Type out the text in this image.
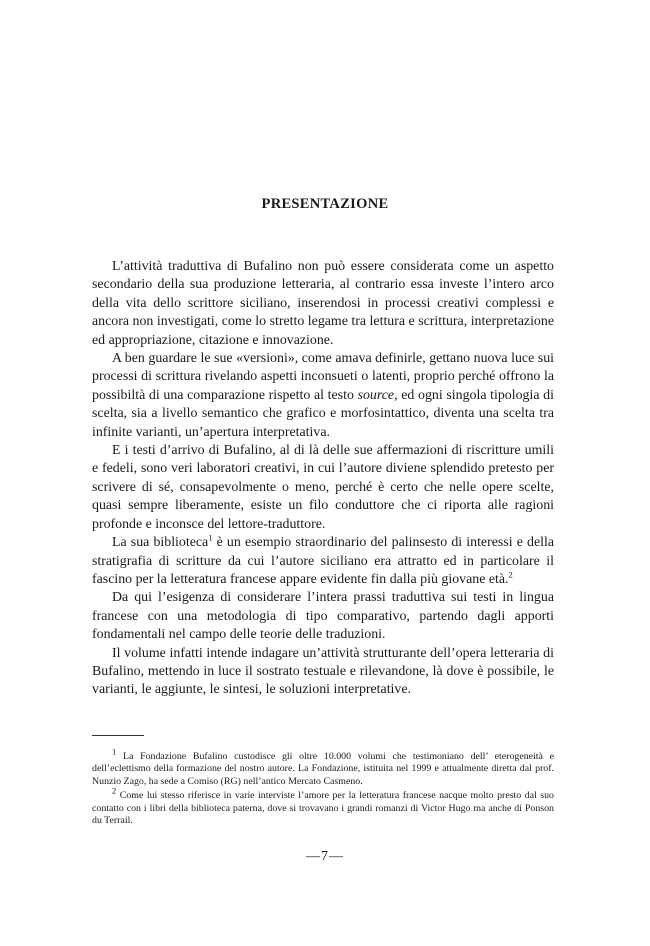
PRESENTAZIONE

L’attività traduttiva di Bufalino non può essere considerata come un aspetto secondario della sua produzione letteraria, al contrario essa investe l’intero arco della vita dello scrittore siciliano, inserendosi in processi creativi complessi e ancora non investigati, come lo stretto legame tra lettura e scrittura, interpretazione ed appropriazione, citazione e innovazione.

A ben guardare le sue «versioni», come amava definirle, gettano nuova luce sui processi di scrittura rivelando aspetti inconsueti o latenti, proprio perché offrono la possibiltà di una comparazione rispetto al testo source, ed ogni singola tipologia di scelta, sia a livello semantico che grafico e morfosintattico, diventa una scelta tra infinite varianti, un’apertura interpretativa.

E i testi d’arrivo di Bufalino, al di là delle sue affermazioni di riscritture umili e fedeli, sono veri laboratori creativi, in cui l’autore diviene splendido pretesto per scrivere di sé, consapevolmente o meno, perché è certo che nelle opere scelte, quasi sempre liberamente, esiste un filo conduttore che ci riporta alle ragioni profonde e inconsce del lettore-traduttore.

La sua biblioteca$^1$ è un esempio straordinario del palinsesto di interessi e della stratigrafia di scritture da cui l’autore siciliano era attratto ed in particolare il fascino per la letteratura francese appare evidente fin dalla più giovane età.$^2$

Da qui l’esigenza di considerare l’intera prassi traduttiva sui testi in lingua francese con una metodologia di tipo comparativo, partendo dagli apporti fondamentali nel campo delle teorie delle traduzioni.

Il volume infatti intende indagare un’attività strutturante dell’opera letteraria di Bufalino, mettendo in luce il sostrato testuale e rilevandone, là dove è possibile, le varianti, le aggiunte, le sintesi, le soluzioni interpretative.

$^1$ La Fondazione Bufalino custodisce gli oltre 10.000 volumi che testimoniano dell’ eterogeneità e dell’eclettismo della formazione del nostro autore. La Fondazione, istituita nel 1999 e attualmente diretta dal prof. Nunzio Zago, ha sede a Comiso (RG) nell’antico Mercato Casmeno.

$^2$ Come lui stesso riferisce in varie interviste l’amore per la letteratura francese nacque molto presto dal suo contatto con i libri della biblioteca paterna, dove si trovavano i grandi romanzi di Victor Hugo ma anche di Ponson du Terrail.

—7—
